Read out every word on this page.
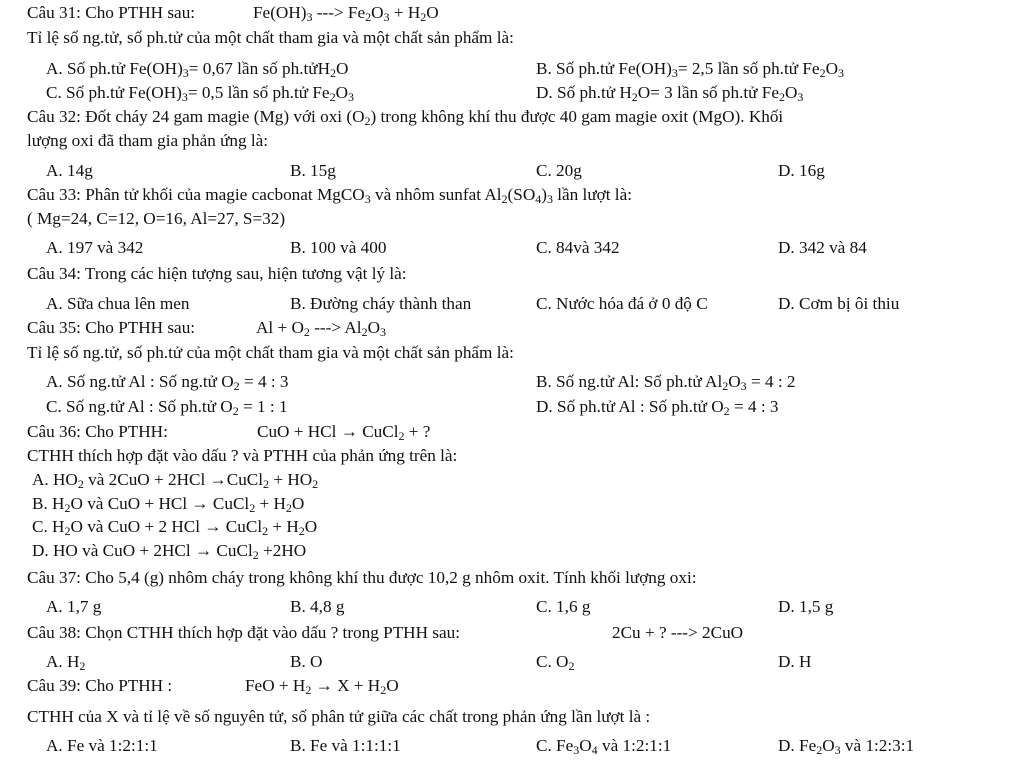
Câu 31: Cho PTHH sau:	$Fe(OH)_3$ ---> $Fe_2O_3 + H_2O$
Tỉ lệ số ng.tử, số ph.tử của một chất tham gia và một chất sản phẩm là:
A. Số ph.tử $Fe(OH)_3= 0,67$ lần số ph.tửH$_2$O	B. Số ph.tử $Fe(OH)_3= 2,5$ lần số ph.tử $Fe_2O_3$
C. Số ph.tử $Fe(OH)_3= 0,5$ lần số ph.tử $Fe_2O_3$	D. Số ph.tử $H_2O= 3$ lần số ph.tử $Fe_2O_3$
Câu 32: Đốt cháy 24 gam magie (Mg) với oxi $(O_2)$ trong không khí thu được 40 gam magie oxit (MgO). Khối
lượng oxi đã tham gia phản ứng là:
A. 14g	B. 15g	C. 20g	D. 16g
Câu 33: Phân tử khối của magie cacbonat MgCO$_3$ và nhôm sunfat $Al_2(SO_4)_3$ lần lượt là:
( Mg=24, C=12, O=16, Al=27, S=32)
A. 197 và 342	B. 100 và 400	C. 84và 342	D. 342 và 84
Câu 34: Trong các hiện tượng sau, hiện tương vật lý là:
A. Sữa chua lên men	B. Đường cháy thành than	C. Nước hóa đá ở 0 độ C	D. Cơm bị ôi thiu
Câu 35: Cho PTHH sau:	$Al + O_2$ ---> $Al_2O_3$
Tỉ lệ số ng.tử, số ph.tử của một chất tham gia và một chất sản phẩm là:
A. Số ng.tử Al : Số ng.tử $O_2 = 4$ : 3	B. Số ng.tử Al: Số ph.tử $Al_2O_3 = 4$ : 2
C. Số ng.tử Al : Số ph.tử $O_2 = 1$ : 1	D. Số ph.tử Al : Số ph.tử $O_2 = 4$ : 3
Câu 36: Cho PTHH:	CuO + HCl → CuCl$_2$ + ?
CTHH thích hợp đặt vào dấu ? và PTHH của phản ứng trên là:
A. $HO_2$ và 2CuO + 2HCl →CuCl$_2$ + $HO_2$
B. $H_2O$ và CuO + HCl → CuCl$_2$ + $H_2O$
C. $H_2O$ và CuO + 2 HCl → CuCl$_2$ + $H_2O$
D. HO và CuO + 2HCl → CuCl$_2$ +2HO
Câu 37: Cho 5,4 (g) nhôm cháy trong không khí thu được 10,2 g nhôm oxit. Tính khối lượng oxi:
A. 1,7 g	B. 4,8 g	C. 1,6 g	D. 1,5 g
Câu 38: Chọn CTHH thích hợp đặt vào dấu ? trong PTHH sau:	2Cu + ? ---> 2CuO
A. $H_2$	B. O	C. $O_2$	D. H
Câu 39: Cho PTHH :	FeO + $H_2 \to X + H_2O$
CTHH của X và tỉ lệ về số nguyên tử, số phân tử giữa các chất trong phản ứng lần lượt là :
A. Fe và 1:2:1:1	B. Fe và 1:1:1:1	C. $Fe_3O_4$ và 1:2:1:1	D. $Fe_2O_3$ và 1:2:3:1
